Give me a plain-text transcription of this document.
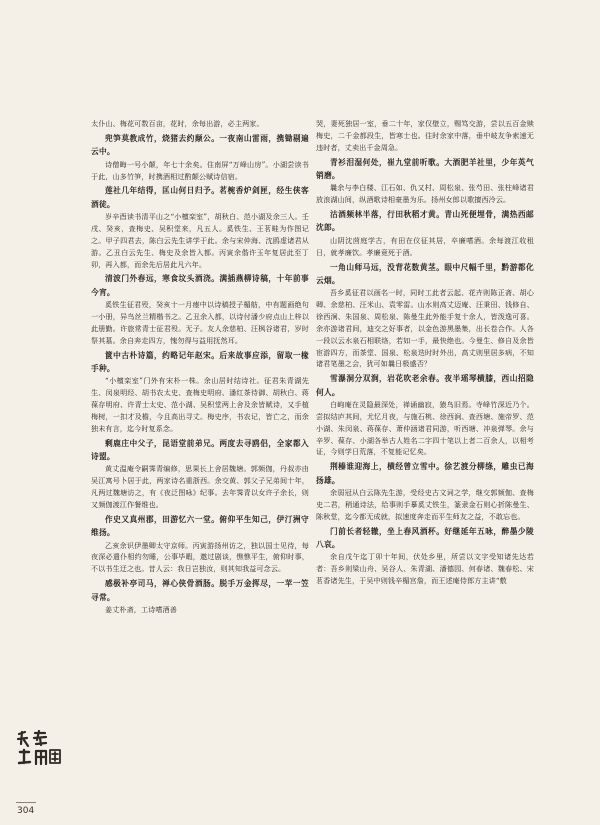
太仆山、梅花可数百亩，花时，余每出游，必主两家。

兜笋莫教成竹，烧猪去约颠公。一夜南山雷雨，携锄剔遍云中。

诗僧晦一号小颠，年七十余矣。住南屏“万峰山房”。小湖尝读书于此，山多竹笋，时携酒相过酌颠公赋诗信宿。

莲社几年结得，匡山何日归予。茗椀香炉剑匣，经生侠客酒徒。

岁辛酉读书清平山之“小檀栾室”，胡秋白、范小湖及余三人。壬戌、癸亥，查梅史、吴积堂来，凡五人。奚铁生、王茗畦为作图记之。甲子四君去，陈白云先生讲学于此。余与宋仲海、沈鸥虚诸君从游。乙丑白云先生、梅史及余皆入都。丙寅余偕许玉年复居此至丁卯，再入都，而余先后居此凡六年。

清波门外春远，寒食坟头酒浇。满插燕柳诗稿，十年前事今宵。

奚铁生征君殁，癸亥十一月瘗中以诗稿授子楣舫，中有题画绝句一小册，异鸟丝兰精楷书之。乙丑余入都，以诗付潘少府点山上梓以此册勤。许旅常青士征君殁。无子。友人余慈柏、汪枫谷诸君，岁时祭其墓。余自奔走四方，愧勿得与益用抚然耳。

篋中古朴诗篇，约略记年赵宋。后来故事应添，留取一椽手种。

“小檀栾室”门外有宋朴一株。余山居时结诗社。征君朱青湖先生、闵泉明经、胡书农太史、查梅史明府、潘红茶待御、胡秋白、蒋葆存明府、许青士太史、范小湖、吴积堂两上舍及余皆赋诗，又手植梅树，一扣才及檐，今且高出寻丈。梅史序，书农记，皆亡之，而余独未有言，迄今时复系念。

剩鹿庄中父子，昆语堂前弟兄。两度去寻鸥侣，全家都入诗盟。

黄丈温庵令嗣霁青编修，思果长上舍居魏塘。郭频伽，丹叔亦由吴江寓号卜居于此，两家诗名重浙西。余交黄、郭父子兄弟间十年，凡两过魏塘访之，有《夜泛图咏》纪事。去年霁青以女许子余长，则又频伽渡江作餐维也。

作史又真州郡，田游忆六一堂。俯仰平生知己，伊汀洲守维扬。

乙亥余识伊墨卿太守京师。丙寅游扬州访之，独以国士见待，每夜深必遣仆相约勿睡，公事毕暇，邀过剧谈，憔憔平生，俯仰时事，不以书生迂之也。昔人云：我日岂独汝，则其知我益可念云。

感极补亭司马，禅心侠骨酒肠。脱手万金挥尽，一苹一笠寻常。

姜丈朴斋，工诗嗜酒善

哭，妻死独居一室，垂二十年，家仅壁立，赐笃交游，尝以五百金赎梅史，二千金都段生，皆寒士也。往时余家中落，垂中岐友争索速无违时者，丈卖出千金周急。

青衫泪湿何处，崔九堂前听歌。大酒肥羊社里，少年英气销磨。

曩余与李白楼、江石如、仇又村、周松泉、张芍田、张柱峰诸君放浪湖山间，纵酒歌诗相豪墨为乐。扬州女郎以歌擅西泠云。

沽酒频林半落，行田秋稻才黄。青山死便埋骨，满热西邮沈郎。

山阴沈茴庭学古，有田在仪征其居，卒廉嗜酒。余每渡江收租日，就孝廉饮。孝廉竟死于酒。

一角山师马远，没背花数黄茎。眼中尺幅千里，黔游都化云烟。

吾乡奚征君以画名一时，同时工此者云起、花卉则陈正斋、胡心卿、余慈柏、汪米山、袁零雷。山水则高丈迈庵、汪秉田、钱修自、徐西涧、朱国泉、周松泉、陈曼生此外能手复十余人，皆泼逸可喜。余亦游诸君间，迪交之好事者，以金色游黑墨集，出长卷合作。人各一段以云水泉石相联络，若如一手，最快绝也。今曼生、修自及余皆宦游四方，而茶堂、国泉、松泉迭时时外出，高丈则里居多病，不知诸君笔墨之会，犹可如曩日极盛否？

雪瀑洞分双涧，岩花吹老余春。夜半瑶琴横膝，西山招隐何人。

白岣庵在灵隐最深处，禅诵幽寂，猿鸟旧焉。寺峰竹深近乃个。尝拟结庐其间，尤忆月夜，与施石桃、徐西涧、查西塘、施帝罗、范小湖、朱闵泉、蒋葆存、萧仲涵诸君同游，听西塘、冲泉弹琴。余与辛罗、葆存、小湖各举古人姓名二字四十笔以上者二百余人，以相考证，今则学日荒落，不复能记忆矣。

荆榛谁迎海上，横经曾立雪中。徐艺渡分柳绦，雕虫已海扬雄。

余弱冠从白云陈先生游，受经史古文词之学，继交郭频伽、查梅史二君，稍通诗法，给事则手摹奚丈铁生，篆隶金石则心折陈曼生、陈秋堂，迄今都无成就，拟速度奔走而平生师友之益，不敢忘也。

门前长者轻辙，坐上春风酒杯。好继延年五咏，醉墨少陵八哀。

余自戊午迄丁卯十年间，伏处乡里，所尝以文字受知诸先达若者：吾乡则梁山舟、吴谷人、朱青湖、潘德园、何春诸、魏春松、宋茗香诸先生，于吴中则钱辛楣宫詹，而王述庵侍郎方主讲“敷

304
